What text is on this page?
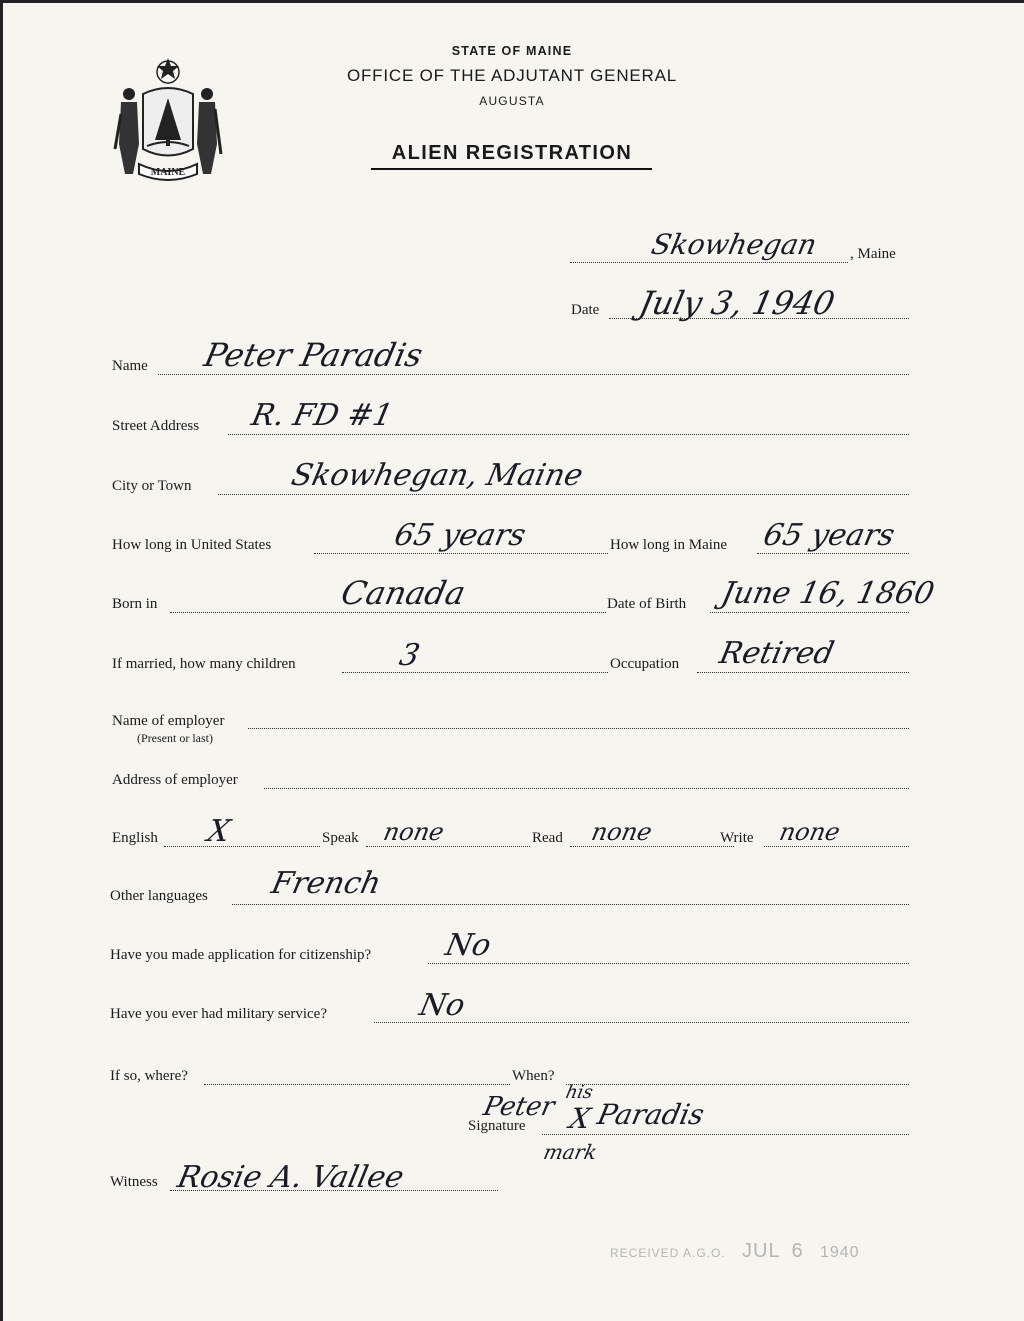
MAINE
STATE OF MAINE
OFFICE OF THE ADJUTANT GENERAL
AUGUSTA
ALIEN REGISTRATION
Skowhegan , Maine
Date July 3, 1940
Name Peter Paradis
Street Address R. FD #1
City or Town	Skowhegan, Maine
How long in United States	65 years	How long in Maine 65 years
Born in	Canada	Date of Birth June 16, 1860
If married, how many children	3	Occupation Retired
Name of employer
(Present or last)
Address of employer
English X	Speak none	Read none	Write none
Other languages French
Have you made application for citizenship? No
Have you ever had military service?	No
If so, where?	When?
Signature
Peter his
X Paradis
mark
Witness Rosie A. Vallee
RECEIVED A.G.O. JUL 6 1940
